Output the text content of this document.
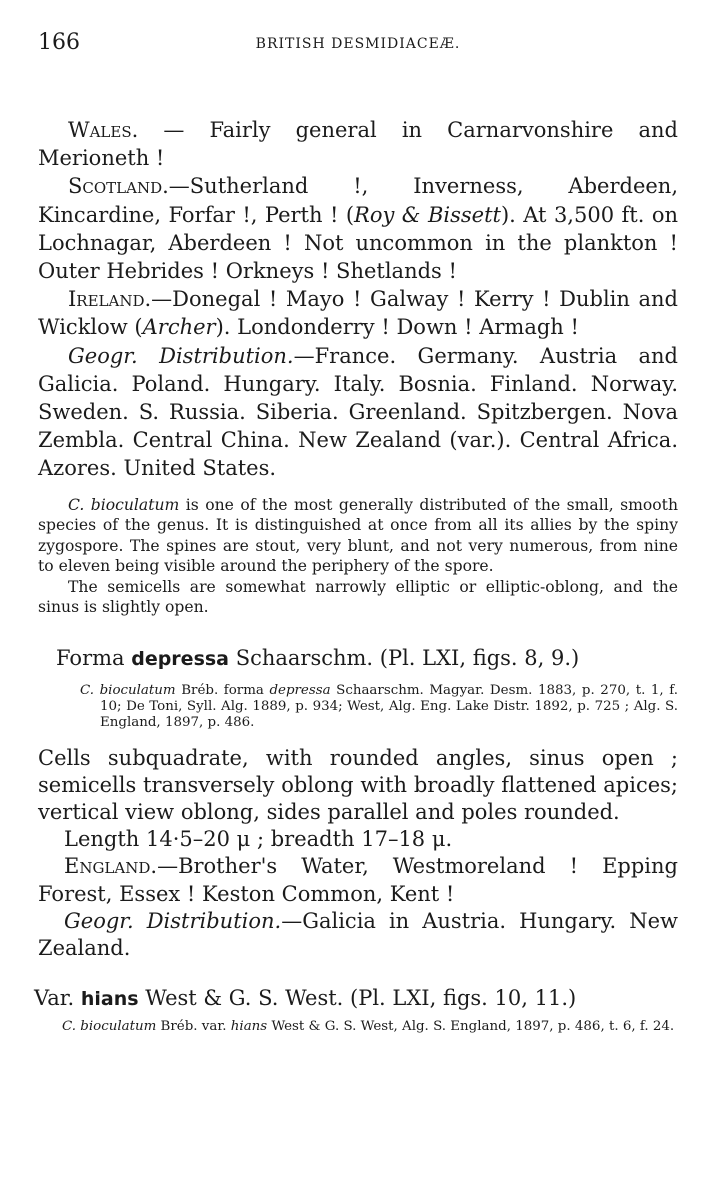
166	BRITISH DESMIDIACEÆ.

Wales. — Fairly general in Carnarvonshire and Merioneth !

Scotland.—Sutherland !, Inverness, Aberdeen, Kincardine, Forfar !, Perth ! (Roy & Bissett). At 3,500 ft. on Lochnagar, Aberdeen ! Not uncommon in the plankton ! Outer Hebrides ! Orkneys ! Shetlands !

Ireland.—Donegal ! Mayo ! Galway ! Kerry ! Dublin and Wicklow (Archer). Londonderry ! Down ! Armagh !

Geogr. Distribution.—France. Germany. Austria and Galicia. Poland. Hungary. Italy. Bosnia. Finland. Norway. Sweden. S. Russia. Siberia. Greenland. Spitzbergen. Nova Zembla. Central China. New Zealand (var.). Central Africa. Azores. United States.

C. bioculatum is one of the most generally distributed of the small, smooth species of the genus. It is distinguished at once from all its allies by the spiny zygospore. The spines are stout, very blunt, and not very numerous, from nine to eleven being visible around the periphery of the spore.

The semicells are somewhat narrowly elliptic or elliptic-oblong, and the sinus is slightly open.

Forma depressa Schaarschm. (Pl. LXI, figs. 8, 9.)

C. bioculatum Bréb. forma depressa Schaarschm. Magyar. Desm. 1883, p. 270, t. 1, f. 10; De Toni, Syll. Alg. 1889, p. 934; West, Alg. Eng. Lake Distr. 1892, p. 725 ; Alg. S. England, 1897, p. 486.

Cells subquadrate, with rounded angles, sinus open ; semicells transversely oblong with broadly flattened apices; vertical view oblong, sides parallel and poles rounded.

Length 14·5–20 μ ; breadth 17–18 μ.

England.—Brother's Water, Westmoreland ! Epping Forest, Essex ! Keston Common, Kent !

Geogr. Distribution.—Galicia in Austria. Hungary. New Zealand.

Var. hians West & G. S. West. (Pl. LXI, figs. 10, 11.)

C. bioculatum Bréb. var. hians West & G. S. West, Alg. S. England, 1897, p. 486, t. 6, f. 24.
